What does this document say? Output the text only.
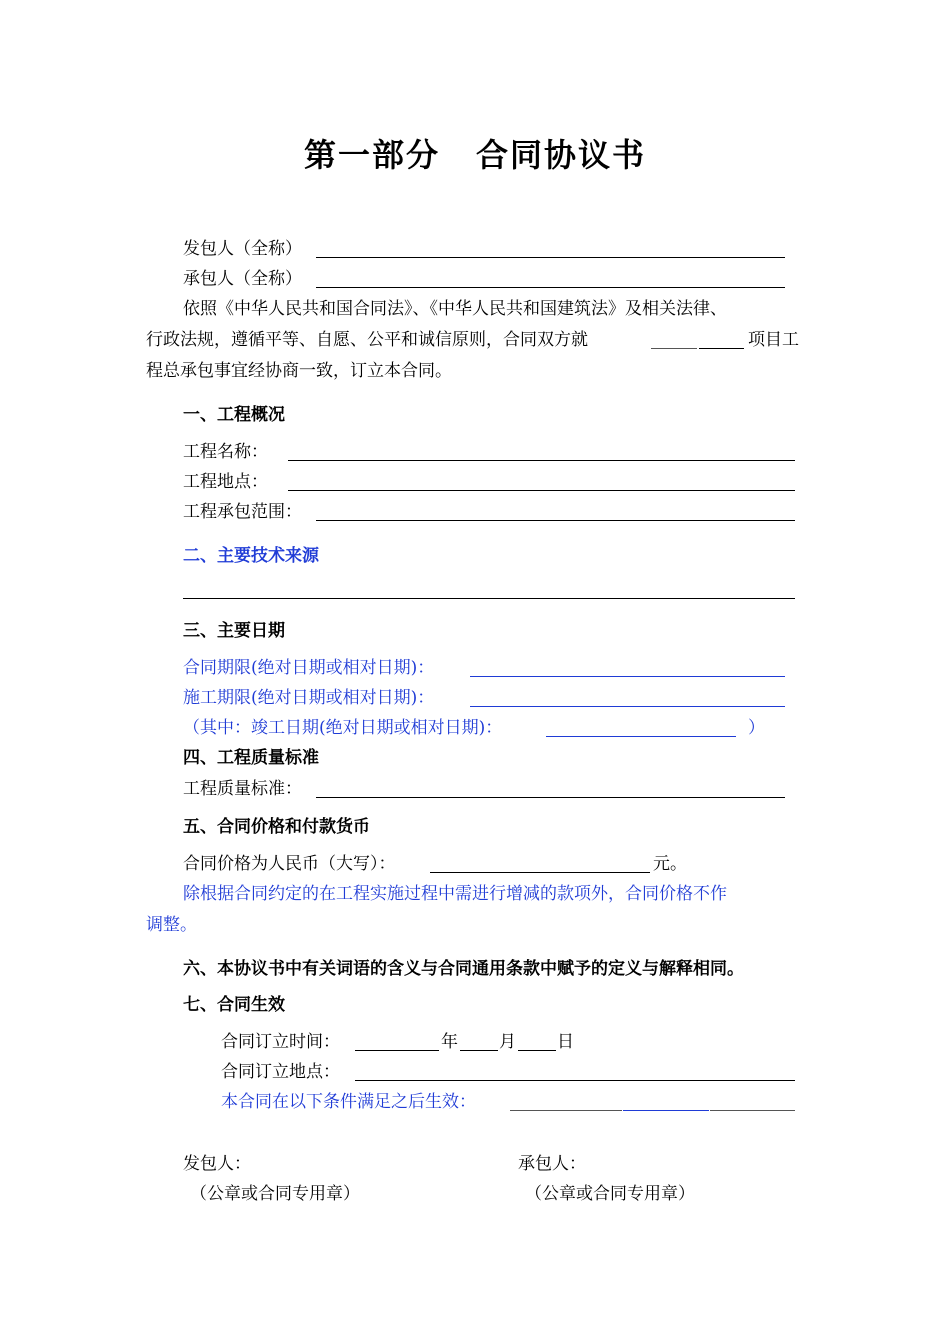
第一部分 合同协议书
发包人（全称）
承包人（全称）
依照《中华人民共和国合同法》、《中华人民共和国建筑法》及相关法律、
行政法规，遵循平等、自愿、公平和诚信原则，合同双方就	项目工
程总承包事宜经协商一致，订立本合同。
一、工程概况
工程名称：
工程地点：
工程承包范围：
二、主要技术来源
三、主要日期
合同期限(绝对日期或相对日期)：
施工期限(绝对日期或相对日期)：
（其中：竣工日期(绝对日期或相对日期)：	）
四、工程质量标准
工程质量标准：
五、合同价格和付款货币
合同价格为人民币（大写）：	元。
除根据合同约定的在工程实施过程中需进行增减的款项外，合同价格不作
调整。
六、本协议书中有关词语的含义与合同通用条款中赋予的定义与解释相同。
七、合同生效
合同订立时间：	年 月 日
合同订立地点：
本合同在以下条件满足之后生效：
发包人：
（公章或合同专用章）
承包人：
（公章或合同专用章）
